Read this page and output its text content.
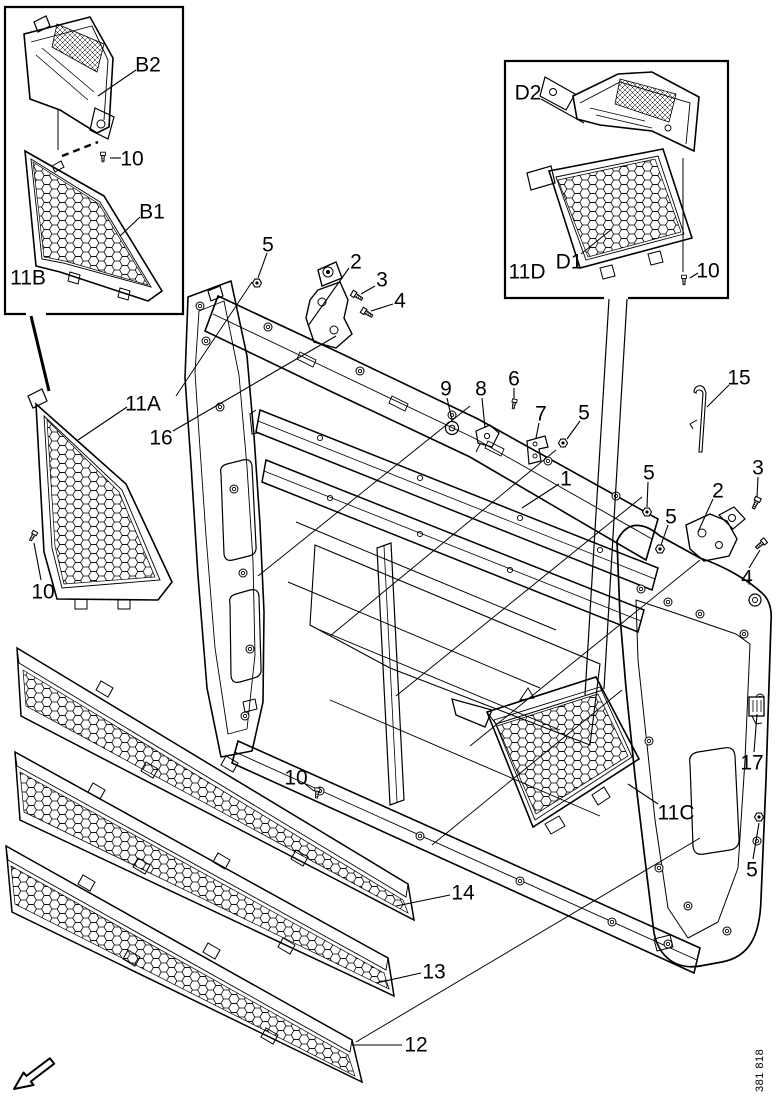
381 818
B2
10
B1
11B
D2
D1	10
11D
5
2
3
4
11A
16
10
9 8 6
7 5
1
15
5	3
2
5
4
10
11C
17
5
14
13
12
